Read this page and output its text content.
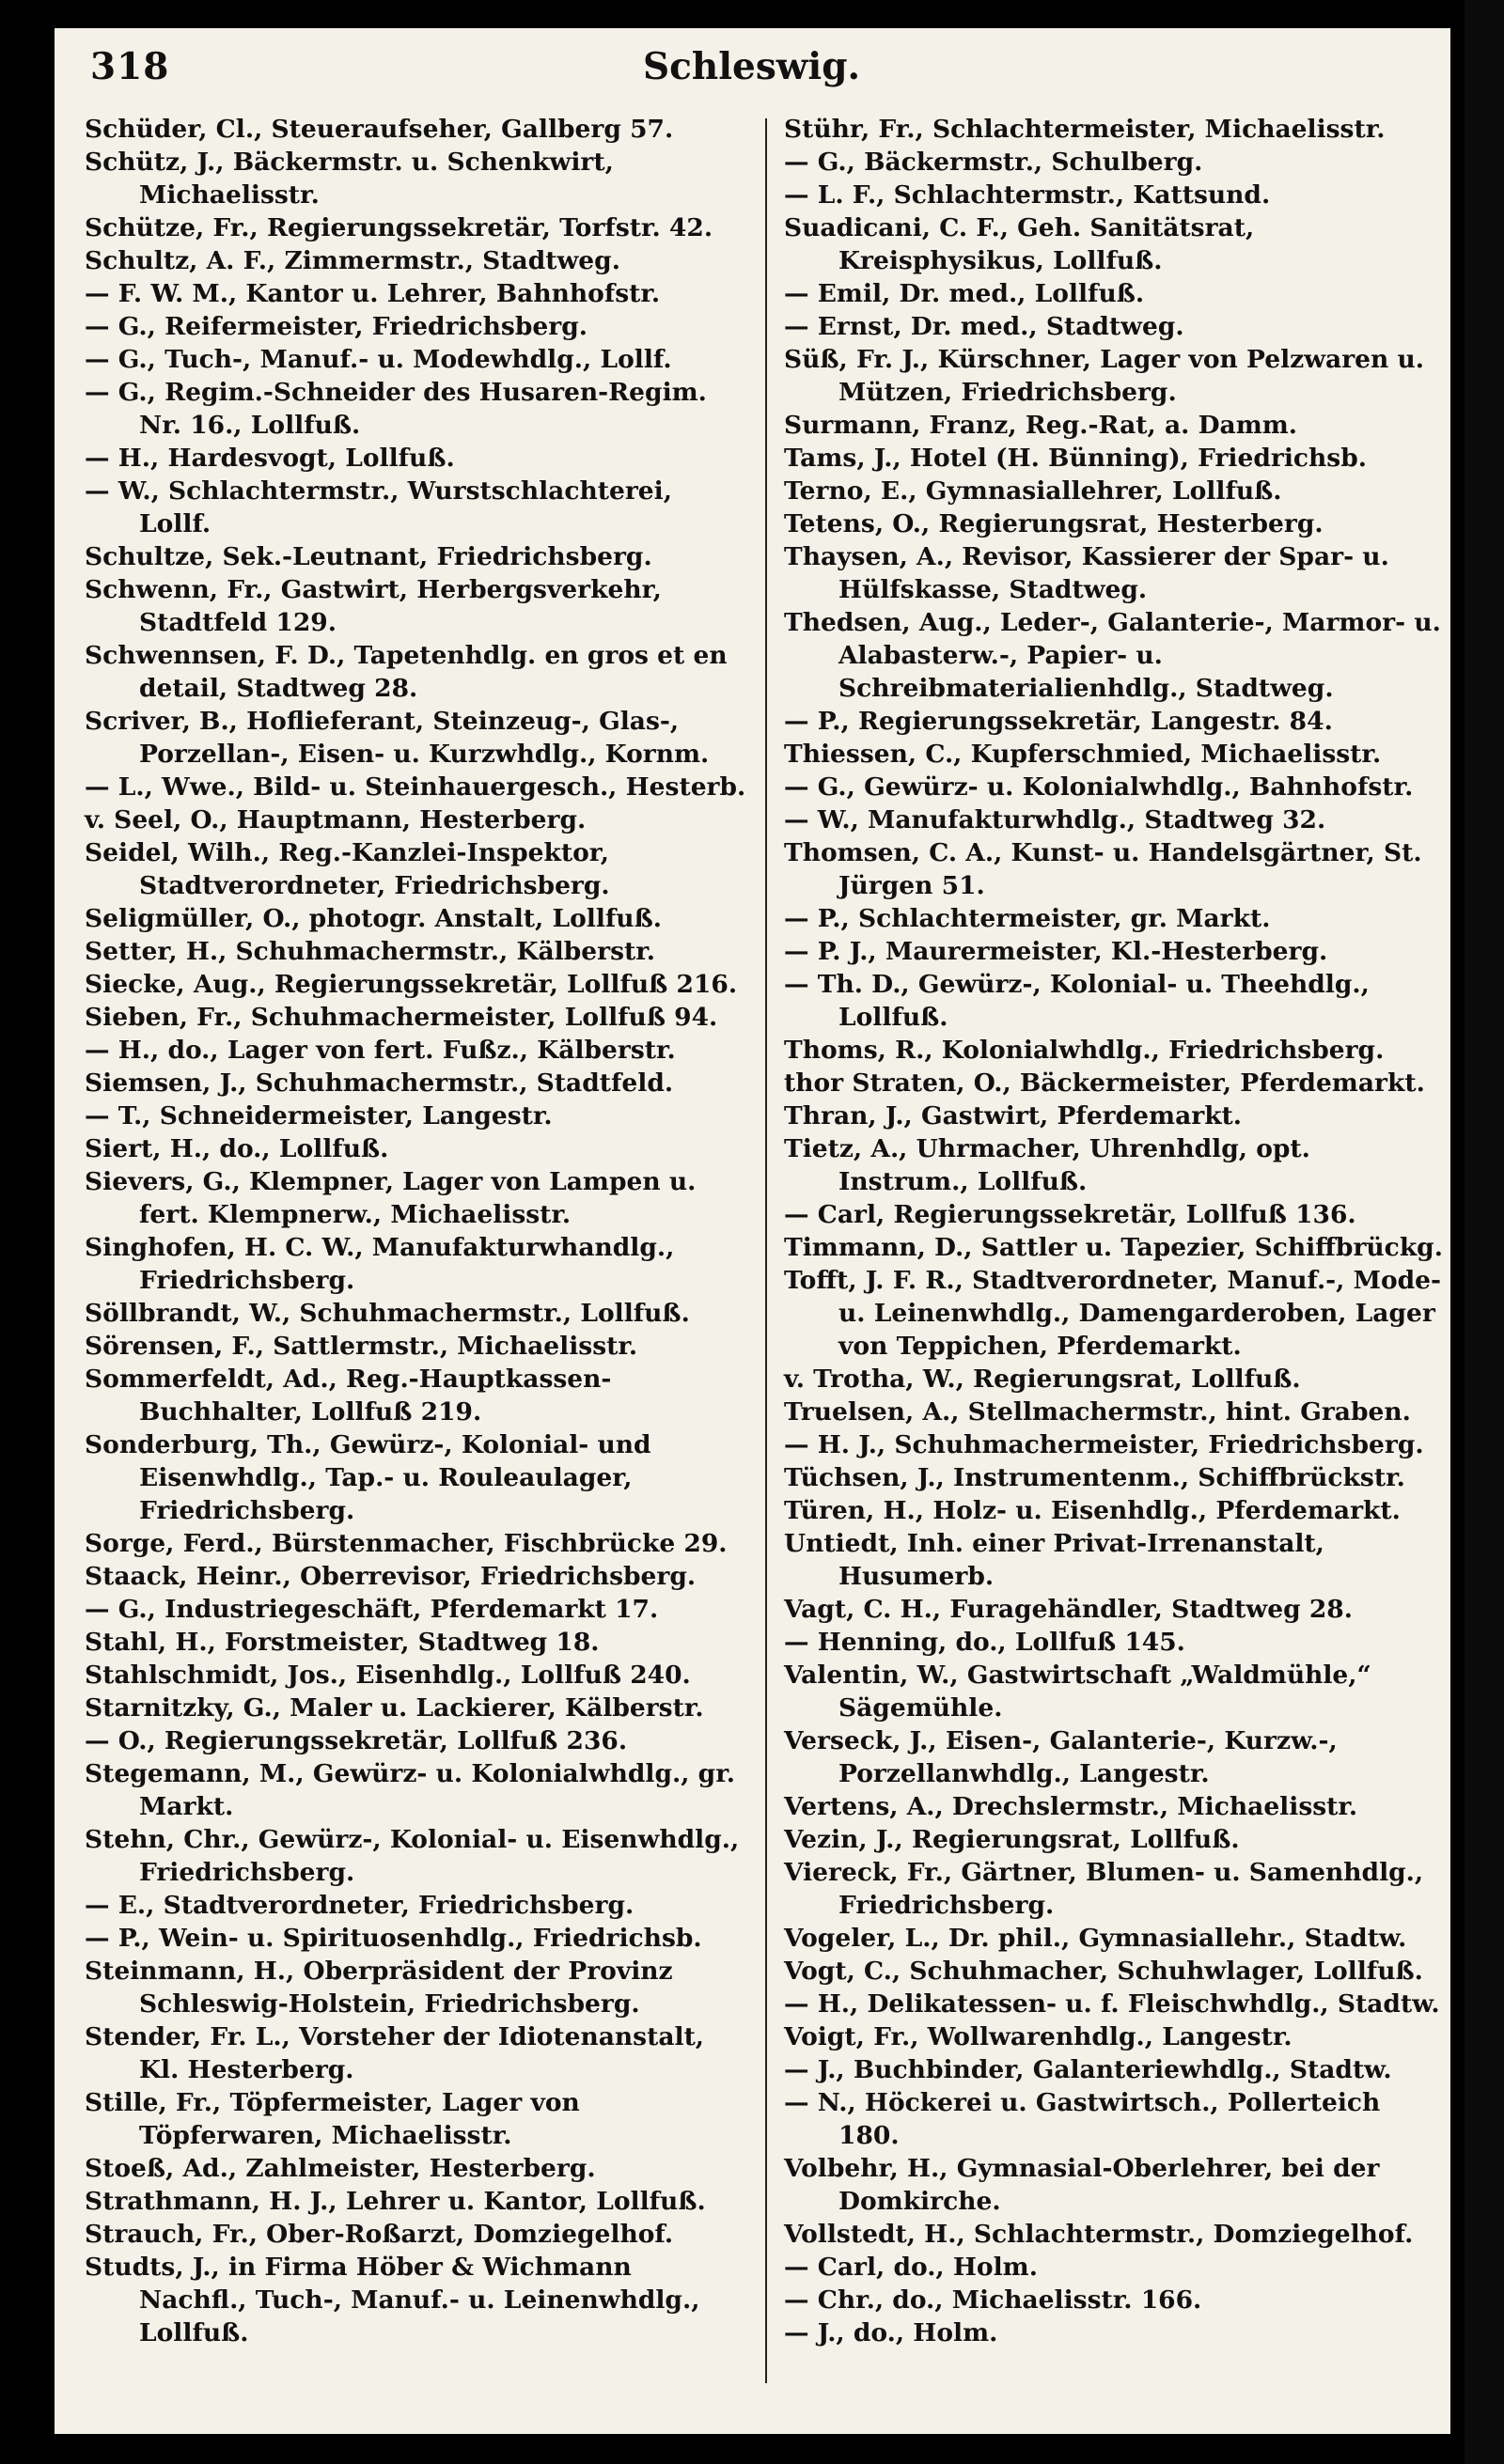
318	Schleswig.

Schüder, Cl., Steueraufseher, Gallberg 57.

Schütz, J., Bäckermstr. u. Schenkwirt, Michaelisstr.

Schütze, Fr., Regierungssekretär, Torfstr. 42.

Schultz, A. F., Zimmermstr., Stadtweg.

— F. W. M., Kantor u. Lehrer, Bahnhofstr.

— G., Reifermeister, Friedrichsberg.

— G., Tuch-, Manuf.- u. Modewhdlg., Lollf.

— G., Regim.-Schneider des Husaren-Regim. Nr. 16., Lollfuß.

— H., Hardesvogt, Lollfuß.

— W., Schlachtermstr., Wurstschlachterei, Lollf.

Schultze, Sek.-Leutnant, Friedrichsberg.

Schwenn, Fr., Gastwirt, Herbergsverkehr, Stadtfeld 129.

Schwennsen, F. D., Tapetenhdlg. en gros et en detail, Stadtweg 28.

Scriver, B., Hoflieferant, Steinzeug-, Glas-, Porzellan-, Eisen- u. Kurzwhdlg., Kornm.

— L., Wwe., Bild- u. Steinhauergesch., Hesterb.

v. Seel, O., Hauptmann, Hesterberg.

Seidel, Wilh., Reg.-Kanzlei-Inspektor, Stadtverordneter, Friedrichsberg.

Seligmüller, O., photogr. Anstalt, Lollfuß.

Setter, H., Schuhmachermstr., Kälberstr.

Siecke, Aug., Regierungssekretär, Lollfuß 216.

Sieben, Fr., Schuhmachermeister, Lollfuß 94.

— H., do., Lager von fert. Fußz., Kälberstr.

Siemsen, J., Schuhmachermstr., Stadtfeld.

— T., Schneidermeister, Langestr.

Siert, H., do., Lollfuß.

Sievers, G., Klempner, Lager von Lampen u. fert. Klempnerw., Michaelisstr.

Singhofen, H. C. W., Manufakturwhandlg., Friedrichsberg.

Söllbrandt, W., Schuhmachermstr., Lollfuß.

Sörensen, F., Sattlermstr., Michaelisstr.

Sommerfeldt, Ad., Reg.-Hauptkassen-Buchhalter, Lollfuß 219.

Sonderburg, Th., Gewürz-, Kolonial- und Eisenwhdlg., Tap.- u. Rouleaulager, Friedrichsberg.

Sorge, Ferd., Bürstenmacher, Fischbrücke 29.

Staack, Heinr., Oberrevisor, Friedrichsberg.

— G., Industriegeschäft, Pferdemarkt 17.

Stahl, H., Forstmeister, Stadtweg 18.

Stahlschmidt, Jos., Eisenhdlg., Lollfuß 240.

Starnitzky, G., Maler u. Lackierer, Kälberstr.

— O., Regierungssekretär, Lollfuß 236.

Stegemann, M., Gewürz- u. Kolonialwhdlg., gr. Markt.

Stehn, Chr., Gewürz-, Kolonial- u. Eisenwhdlg., Friedrichsberg.

— E., Stadtverordneter, Friedrichsberg.

— P., Wein- u. Spirituosenhdlg., Friedrichsb.

Steinmann, H., Oberpräsident der Provinz Schleswig-Holstein, Friedrichsberg.

Stender, Fr. L., Vorsteher der Idiotenanstalt, Kl. Hesterberg.

Stille, Fr., Töpfermeister, Lager von Töpferwaren, Michaelisstr.

Stoeß, Ad., Zahlmeister, Hesterberg.

Strathmann, H. J., Lehrer u. Kantor, Lollfuß.

Strauch, Fr., Ober-Roßarzt, Domziegelhof.

Studts, J., in Firma Höber & Wichmann Nachfl., Tuch-, Manuf.- u. Leinenwhdlg., Lollfuß.

Stühr, Fr., Schlachtermeister, Michaelisstr.

— G., Bäckermstr., Schulberg.

— L. F., Schlachtermstr., Kattsund.

Suadicani, C. F., Geh. Sanitätsrat, Kreisphysikus, Lollfuß.

— Emil, Dr. med., Lollfuß.

— Ernst, Dr. med., Stadtweg.

Süß, Fr. J., Kürschner, Lager von Pelzwaren u. Mützen, Friedrichsberg.

Surmann, Franz, Reg.-Rat, a. Damm.

Tams, J., Hotel (H. Bünning), Friedrichsb.

Terno, E., Gymnasiallehrer, Lollfuß.

Tetens, O., Regierungsrat, Hesterberg.

Thaysen, A., Revisor, Kassierer der Spar- u. Hülfskasse, Stadtweg.

Thedsen, Aug., Leder-, Galanterie-, Marmor- u. Alabasterw.-, Papier- u. Schreibmaterialienhdlg., Stadtweg.

— P., Regierungssekretär, Langestr. 84.

Thiessen, C., Kupferschmied, Michaelisstr.

— G., Gewürz- u. Kolonialwhdlg., Bahnhofstr.

— W., Manufakturwhdlg., Stadtweg 32.

Thomsen, C. A., Kunst- u. Handelsgärtner, St. Jürgen 51.

— P., Schlachtermeister, gr. Markt.

— P. J., Maurermeister, Kl.-Hesterberg.

— Th. D., Gewürz-, Kolonial- u. Theehdlg., Lollfuß.

Thoms, R., Kolonialwhdlg., Friedrichsberg.

thor Straten, O., Bäckermeister, Pferdemarkt.

Thran, J., Gastwirt, Pferdemarkt.

Tietz, A., Uhrmacher, Uhrenhdlg, opt. Instrum., Lollfuß.

— Carl, Regierungssekretär, Lollfuß 136.

Timmann, D., Sattler u. Tapezier, Schiffbrückg.

Tofft, J. F. R., Stadtverordneter, Manuf.-, Mode- u. Leinenwhdlg., Damengarderoben, Lager von Teppichen, Pferdemarkt.

v. Trotha, W., Regierungsrat, Lollfuß.

Truelsen, A., Stellmachermstr., hint. Graben.

— H. J., Schuhmachermeister, Friedrichsberg.

Tüchsen, J., Instrumentenm., Schiffbrückstr.

Türen, H., Holz- u. Eisenhdlg., Pferdemarkt.

Untiedt, Inh. einer Privat-Irrenanstalt, Husumerb.

Vagt, C. H., Furagehändler, Stadtweg 28.

— Henning, do., Lollfuß 145.

Valentin, W., Gastwirtschaft „Waldmühle,“ Sägemühle.

Verseck, J., Eisen-, Galanterie-, Kurzw.-, Porzellanwhdlg., Langestr.

Vertens, A., Drechslermstr., Michaelisstr.

Vezin, J., Regierungsrat, Lollfuß.

Viereck, Fr., Gärtner, Blumen- u. Samenhdlg., Friedrichsberg.

Vogeler, L., Dr. phil., Gymnasiallehr., Stadtw.

Vogt, C., Schuhmacher, Schuhwlager, Lollfuß.

— H., Delikatessen- u. f. Fleischwhdlg., Stadtw.

Voigt, Fr., Wollwarenhdlg., Langestr.

— J., Buchbinder, Galanteriewhdlg., Stadtw.

— N., Höckerei u. Gastwirtsch., Pollerteich 180.

Volbehr, H., Gymnasial-Oberlehrer, bei der Domkirche.

Vollstedt, H., Schlachtermstr., Domziegelhof.

— Carl, do., Holm.

— Chr., do., Michaelisstr. 166.

— J., do., Holm.
